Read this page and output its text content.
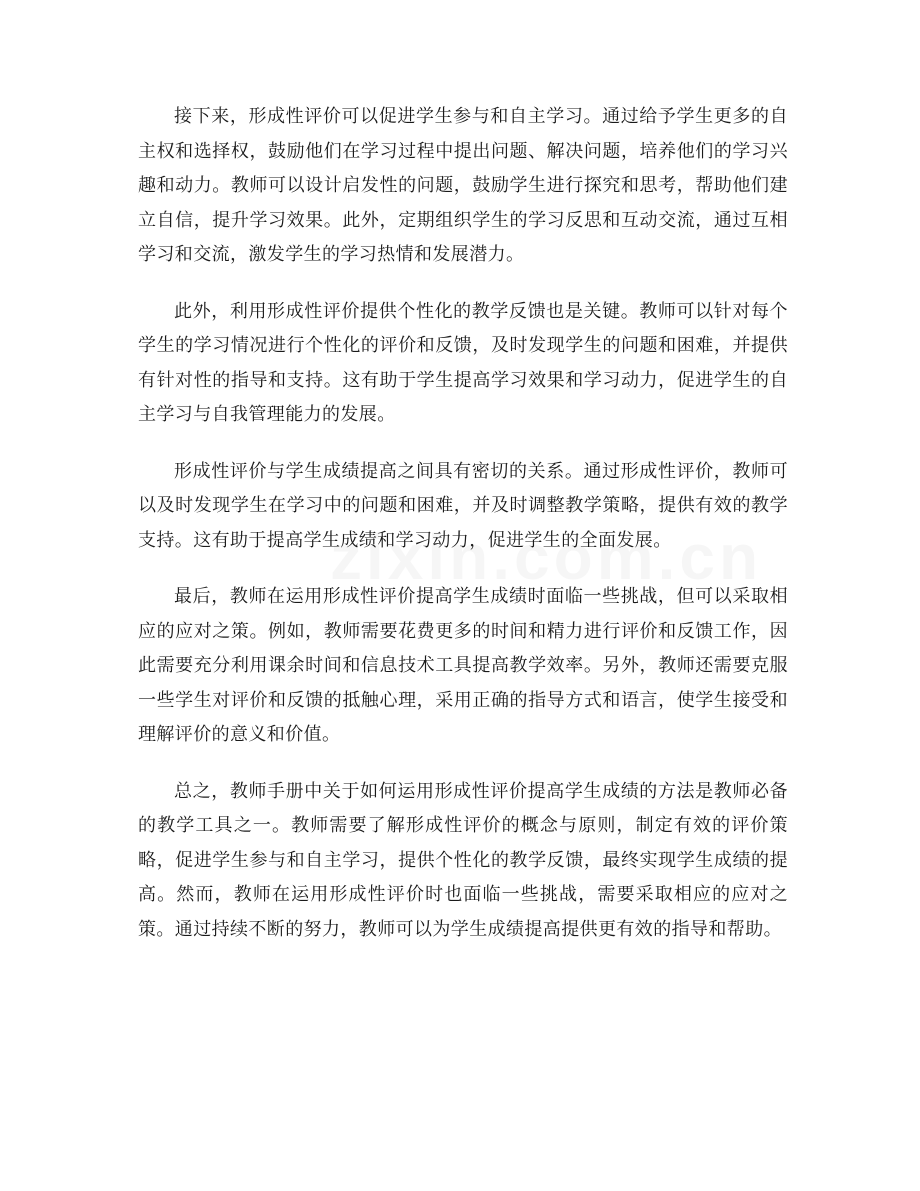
接下来，形成性评价可以促进学生参与和自主学习。通过给予学生更多的自主权和选择权，鼓励他们在学习过程中提出问题、解决问题，培养他们的学习兴趣和动力。教师可以设计启发性的问题，鼓励学生进行探究和思考，帮助他们建立自信，提升学习效果。此外，定期组织学生的学习反思和互动交流，通过互相学习和交流，激发学生的学习热情和发展潜力。

此外，利用形成性评价提供个性化的教学反馈也是关键。教师可以针对每个学生的学习情况进行个性化的评价和反馈，及时发现学生的问题和困难，并提供有针对性的指导和支持。这有助于学生提高学习效果和学习动力，促进学生的自主学习与自我管理能力的发展。

形成性评价与学生成绩提高之间具有密切的关系。通过形成性评价，教师可以及时发现学生在学习中的问题和困难，并及时调整教学策略，提供有效的教学支持。这有助于提高学生成绩和学习动力，促进学生的全面发展。

最后，教师在运用形成性评价提高学生成绩时面临一些挑战，但可以采取相应的应对之策。例如，教师需要花费更多的时间和精力进行评价和反馈工作，因此需要充分利用课余时间和信息技术工具提高教学效率。另外，教师还需要克服一些学生对评价和反馈的抵触心理，采用正确的指导方式和语言，使学生接受和理解评价的意义和价值。

总之，教师手册中关于如何运用形成性评价提高学生成绩的方法是教师必备的教学工具之一。教师需要了解形成性评价的概念与原则，制定有效的评价策略，促进学生参与和自主学习，提供个性化的教学反馈，最终实现学生成绩的提高。然而，教师在运用形成性评价时也面临一些挑战，需要采取相应的应对之策。通过持续不断的努力，教师可以为学生成绩提高提供更有效的指导和帮助。
